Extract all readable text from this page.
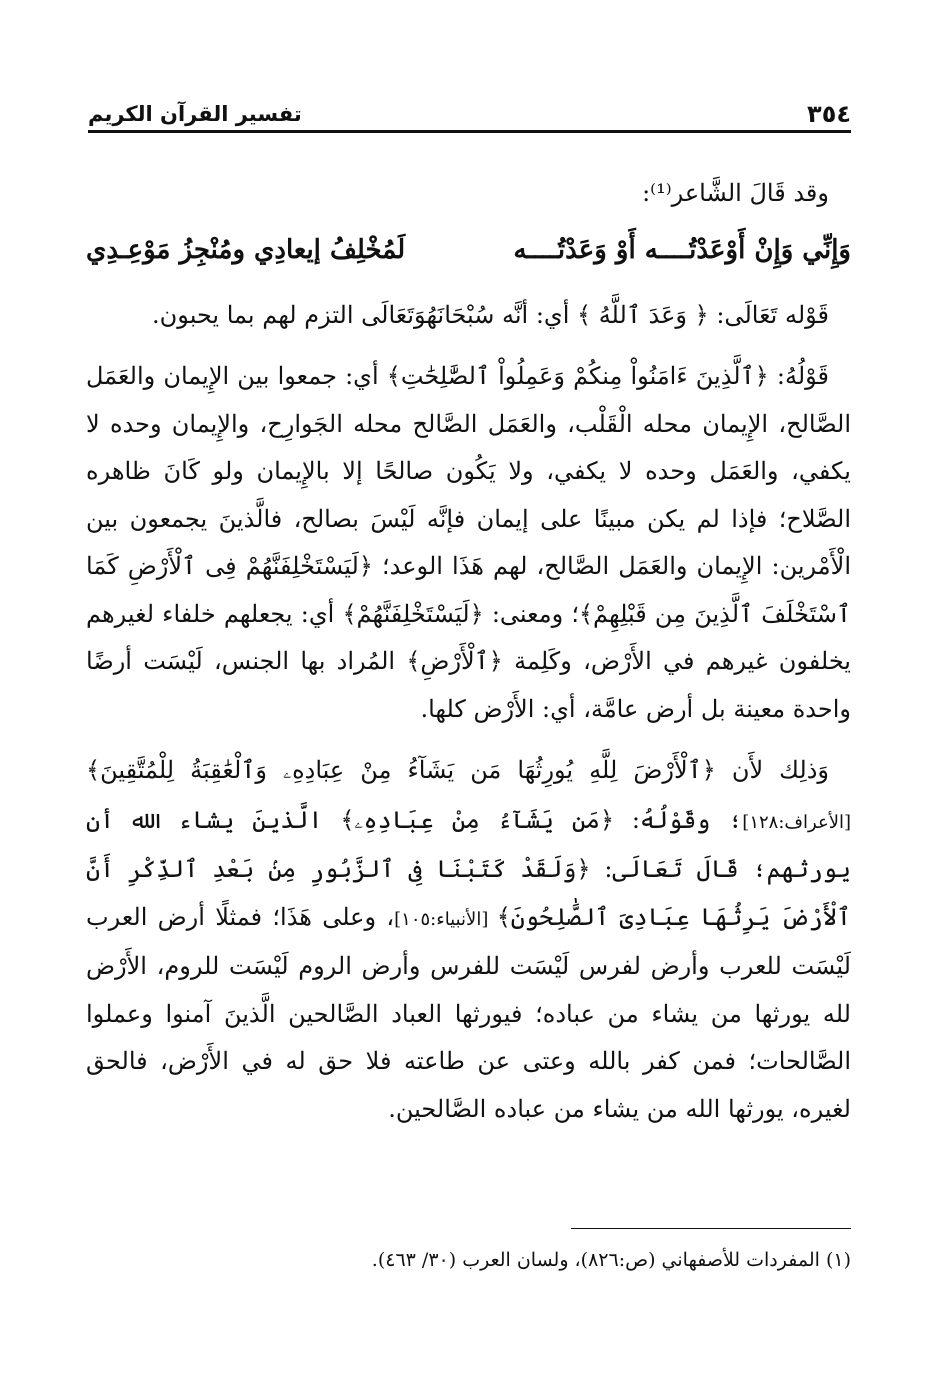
٣٥٤
تفسير القرآن الكريم

وقد قَالَ الشَّاعر⁽¹⁾:

وَإِنِّي وَإِنْ أَوْعَدْتُــــه أَوْ وَعَدْتُــــه
لَمُخْلِفُ إيعادِي ومُنْجِزُ مَوْعِـدِي

قَوْله تَعَالَى: ﴿ وَعَدَ ٱللَّهُ ﴾ أي: أنَّه سُبْحَانَهُوَتَعَالَى التزم لهم بما يحبون.

قَوْلُهُ: ﴿ٱلَّذِينَ ءَامَنُواْ مِنكُمْ وَعَمِلُواْ ٱلصَّٰلِحَٰتِ﴾ أي: جمعوا بين الإِيمان والعَمَل الصَّالح، الإِيمان محله الْقَلْب، والعَمَل الصَّالح محله الجَوارِح، والإِيمان وحده لا يكفي، والعَمَل وحده لا يكفي، ولا يَكُون صالحًا إلا بالإِيمان ولو كَانَ ظاهره الصَّلاح؛ فإذا لم يكن مبينًا على إيمان فإنَّه لَيْسَ بصالح، فالَّذينَ يجمعون بين الْأَمْرين: الإِيمان والعَمَل الصَّالح، لهم هَذَا الوعد؛ ﴿لَيَسْتَخْلِفَنَّهُمْ فِى ٱلْأَرْضِ كَمَا ٱسْتَخْلَفَ ٱلَّذِينَ مِن قَبْلِهِمْ﴾؛ ومعنى: ﴿لَيَسْتَخْلِفَنَّهُمْ﴾ أي: يجعلهم خلفاء لغيرهم يخلفون غيرهم في الأَرْض، وكَلِمة ﴿ٱلْأَرْضِ﴾ المُراد بها الجنس، لَيْسَت أرضًا واحدة معينة بل أرض عامَّة، أي: الأَرْض كلها.

وَذلِك لأَن ﴿ٱلْأَرْضَ لِلَّهِ يُورِثُهَا مَن يَشَآءُ مِنْ عِبَادِهِۦ وَٱلْعَٰقِبَةُ لِلْمُتَّقِينَ﴾ [الأعراف:١٢٨]؛ وقَوْلُهُ: ﴿مَن يَشَآءُ مِنْ عِبَادِهِۦ﴾ الَّذينَ يشاء الله أن يورثهم؛ قَالَ تَعَالَى: ﴿وَلَقَدْ كَتَبْنَا فِى ٱلزَّبُورِ مِنۢ بَعْدِ ٱلذِّكْرِ أَنَّ ٱلْأَرْضَ يَرِثُهَا عِبَادِىَ ٱلصَّٰلِحُونَ﴾ [الأنبياء:١٠٥]، وعلى هَذَا؛ فمثلًا أرض العرب لَيْسَت للعرب وأرض لفرس لَيْسَت للفرس وأرض الروم لَيْسَت للروم، الأَرْض لله يورثها من يشاء من عباده؛ فيورثها العباد الصَّالحين الَّذينَ آمنوا وعملوا الصَّالحات؛ فمن كفر بالله وعتى عن طاعته فلا حق له في الأَرْض، فالحق لغيره، يورثها الله من يشاء من عباده الصَّالحين.

(١) المفردات للأصفهاني (ص:٨٢٦)، ولسان العرب (٣٠/ ٤٦٣).
